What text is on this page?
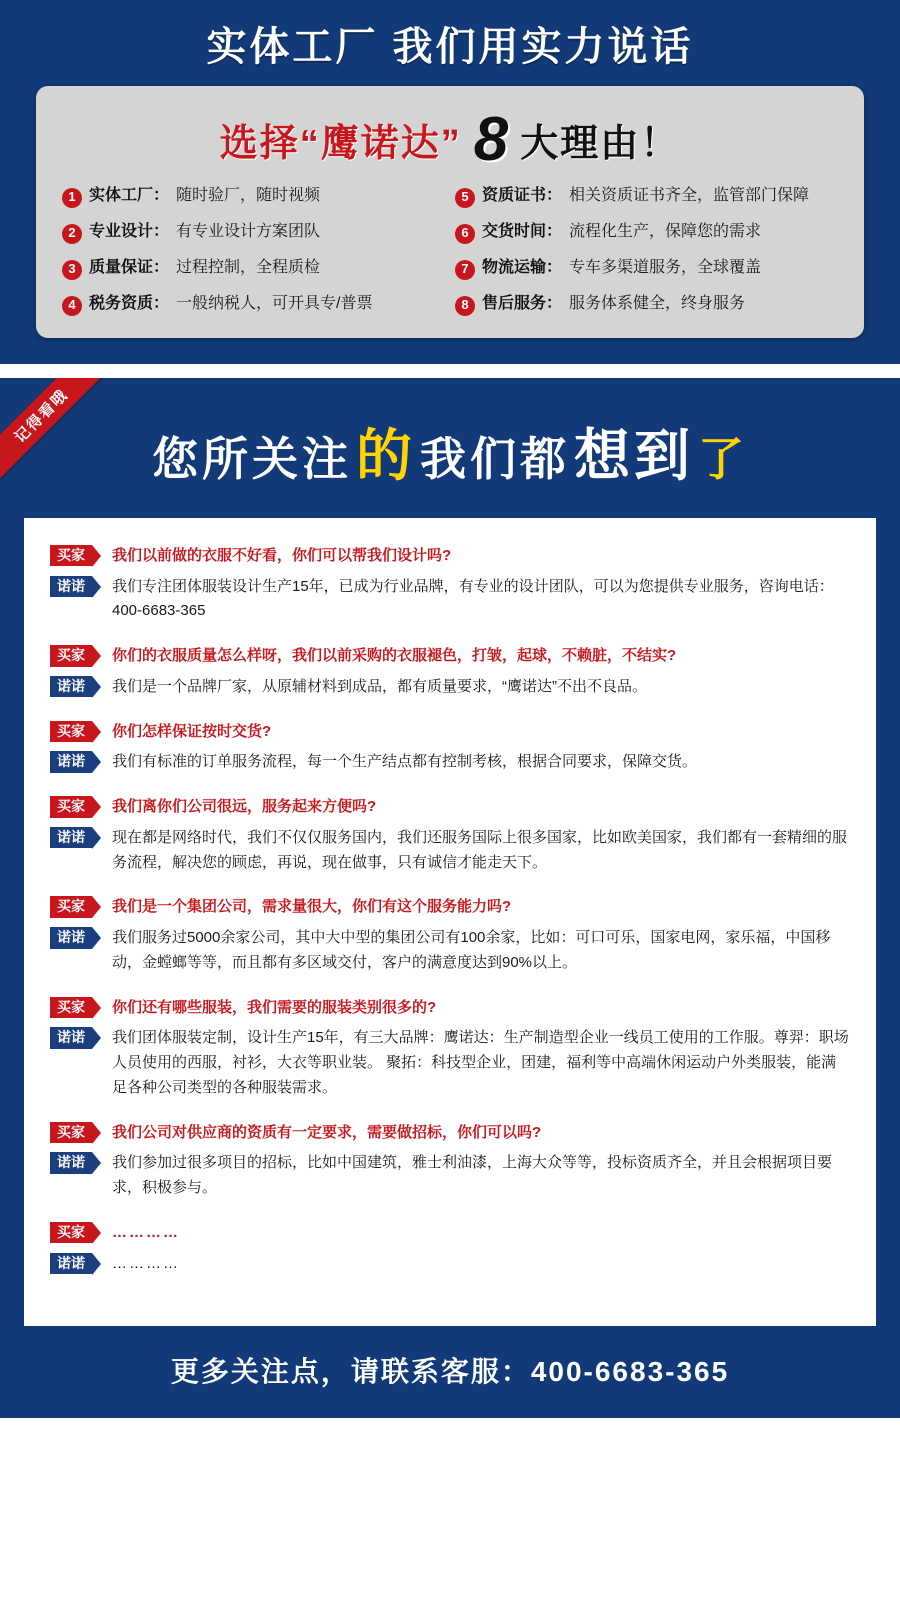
实体工厂 我们用实力说话
选择“鹰诺达” 8 大理由！
1 实体工厂： 随时验厂，随时视频	5 资质证书： 相关资质证书齐全，监管部门保障
2 专业设计： 有专业设计方案团队	6 交货时间： 流程化生产，保障您的需求
3 质量保证： 过程控制，全程质检	7 物流运输： 专车多渠道服务，全球覆盖
4 税务资质： 一般纳税人，可开具专/普票	8 售后服务： 服务体系健全，终身服务
记得看哦
您所关注 的 我们都 想到 了
买家	我们以前做的衣服不好看，你们可以帮我们设计吗?
诺诺	我们专注团体服装设计生产15年，已成为行业品牌，有专业的设计团队，可以为您提供专业服务，咨询电话：400-6683-365
买家	你们的衣服质量怎么样呀，我们以前采购的衣服褪色，打皱，起球，不赖脏，不结实?
诺诺	我们是一个品牌厂家，从原辅材料到成品，都有质量要求，“鹰诺达”不出不良品。
买家	你们怎样保证按时交货?
诺诺	我们有标准的订单服务流程，每一个生产结点都有控制考核，根据合同要求，保障交货。
买家	我们离你们公司很远，服务起来方便吗?
诺诺	现在都是网络时代，我们不仅仅服务国内，我们还服务国际上很多国家，比如欧美国家，我们都有一套精细的服务流程，解决您的顾虑，再说，现在做事，只有诚信才能走天下。
买家	我们是一个集团公司，需求量很大，你们有这个服务能力吗?
诺诺	我们服务过5000余家公司，其中大中型的集团公司有100余家，比如：可口可乐，国家电网，家乐福，中国移动，金螳螂等等，而且都有多区域交付，客户的满意度达到90%以上。
买家	你们还有哪些服装，我们需要的服装类别很多的?
诺诺	我们团体服装定制，设计生产15年，有三大品牌：鹰诺达：生产制造型企业一线员工使用的工作服。尊羿：职场人员使用的西服，衬衫，大衣等职业装。 聚拓：科技型企业，团建，福利等中高端休闲运动户外类服装，能满足各种公司类型的各种服装需求。
买家	我们公司对供应商的资质有一定要求，需要做招标，你们可以吗?
诺诺	我们参加过很多项目的招标，比如中国建筑，雅士利油漆，上海大众等等，投标资质齐全，并且会根据项目要求，积极参与。
买家	…………
诺诺	…………
更多关注点，请联系客服：400-6683-365
